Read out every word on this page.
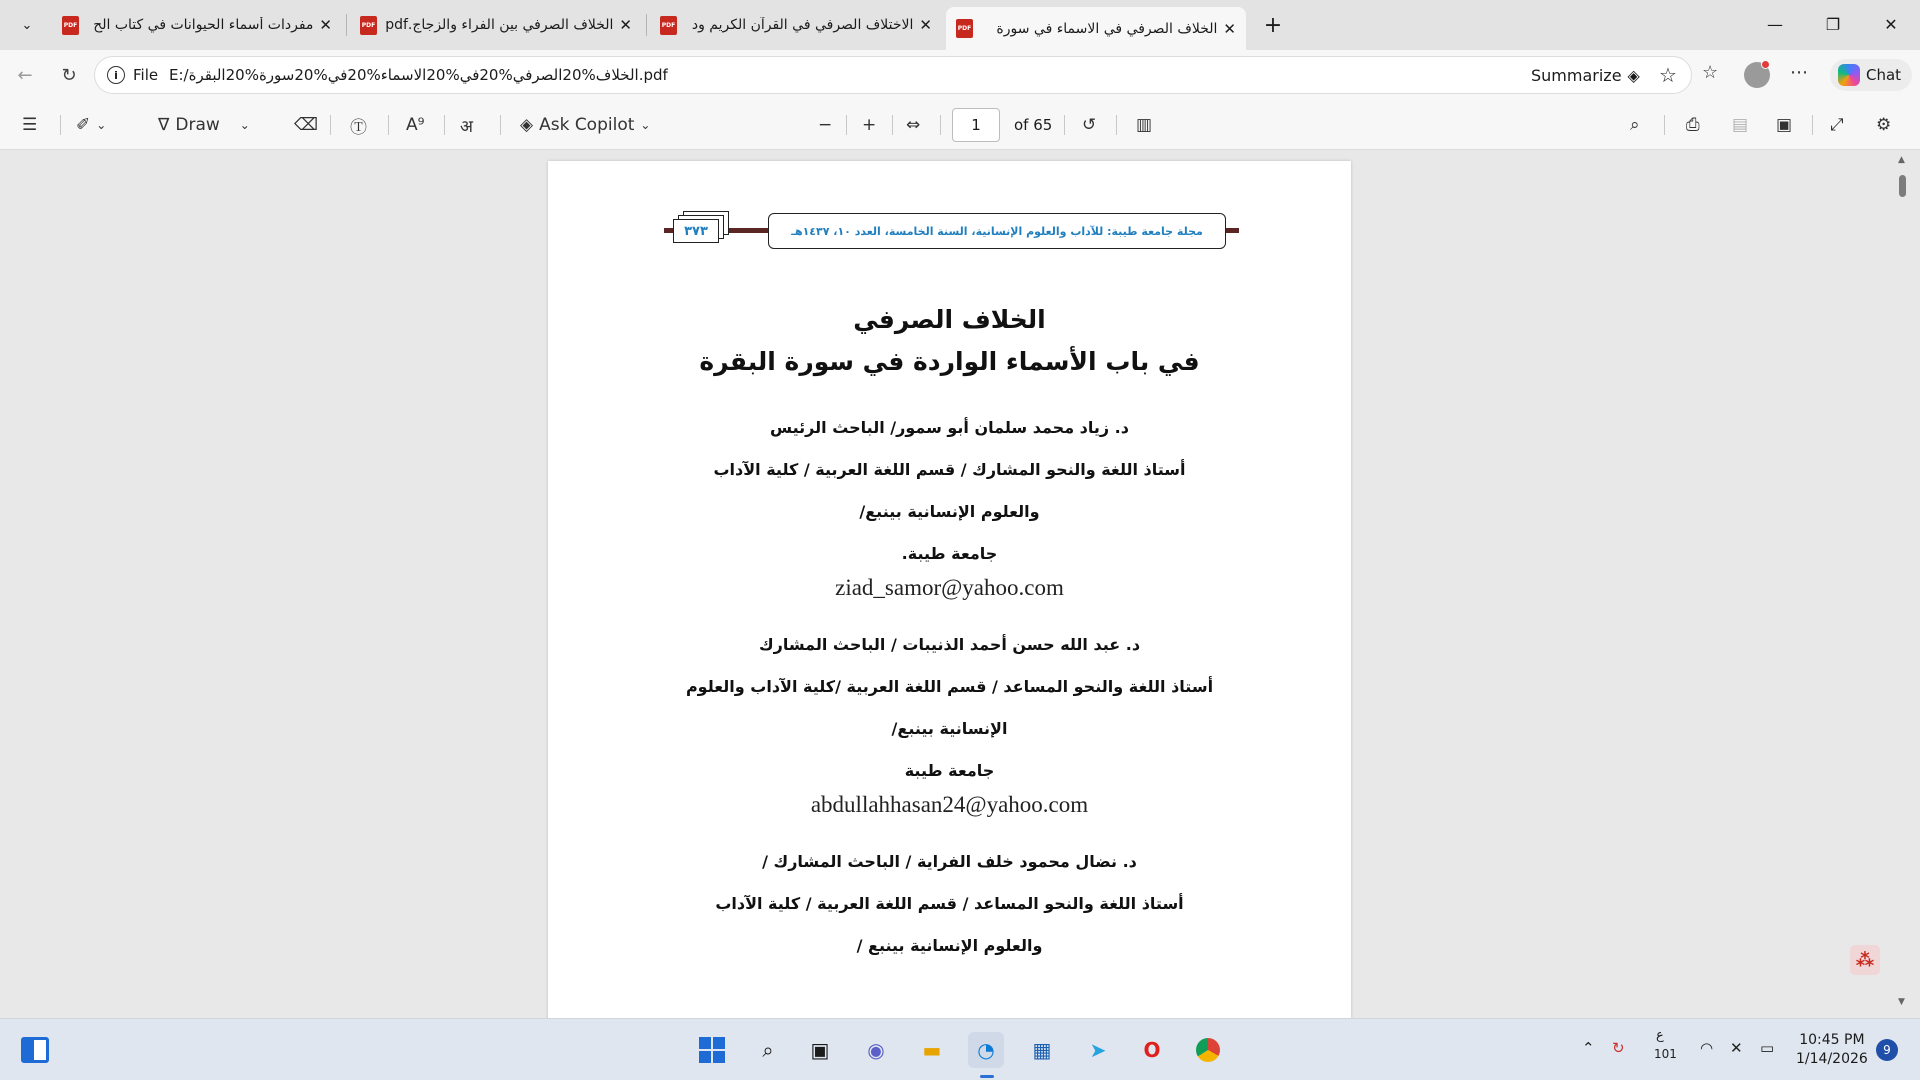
⌄	PDF	مفردات أسماء الحيوانات في كتاب الح ✕	PDF الخلاف الصرفي بين الفراء والزجاج.pdf ✕	PDF	الاختلاف الصرفي في القرآن الكريم ود ✕	PDF	الخلاف الصرفي في الاسماء في سورة ✕ +	—	❐	✕
← ↻	i	File E:/الخلاف%20الصرفي%20في%20الاسماء%20في%20سورة%20البقرة.pdf	Summarize ◈ ☆ ☆	⋯	Chat
☰ ✐ ⌄	∇ Draw ⌄	⌫ Ⓣ A⁹ अ	◈ Ask Copilot ⌄	− + ⇔	1	of 65 ↺ ▥	⌕	⎙ ▤ ▣ ⤢ ⚙
٣٧٣	مجلة جامعة طيبة: للآداب والعلوم الإنسانية، السنة الخامسة، العدد ١٠، ١٤٣٧هـ
الخلاف الصرفي
في باب الأسماء الواردة في سورة البقرة
د. زياد محمد سلمان أبو سمور/ الباحث الرئيس
أستاذ اللغة والنحو المشارك / قسم اللغة العربية / كلية الآداب
والعلوم الإنسانية بينبع/
جامعة طيبة.
ziad_samor@yahoo.com
د. عبد الله حسن أحمد الذنيبات / الباحث المشارك
أستاذ اللغة والنحو المساعد / قسم اللغة العربية /كلية الآداب والعلوم
الإنسانية بينبع/
جامعة طيبة
abdullahhasan24@yahoo.com
د. نضال محمود خلف الفراية / الباحث المشارك /
أستاذ اللغة والنحو المساعد / قسم اللغة العربية / كلية الآداب
والعلوم الإنسانية بينبع /
▲
▼
⁂
⌕ ▣ ◉ ▬ ◔ ▦ ➤ O	⌃ ↻
ع
101 ◠ ✕ ▭ 10:45 PM
1/14/2026
9
